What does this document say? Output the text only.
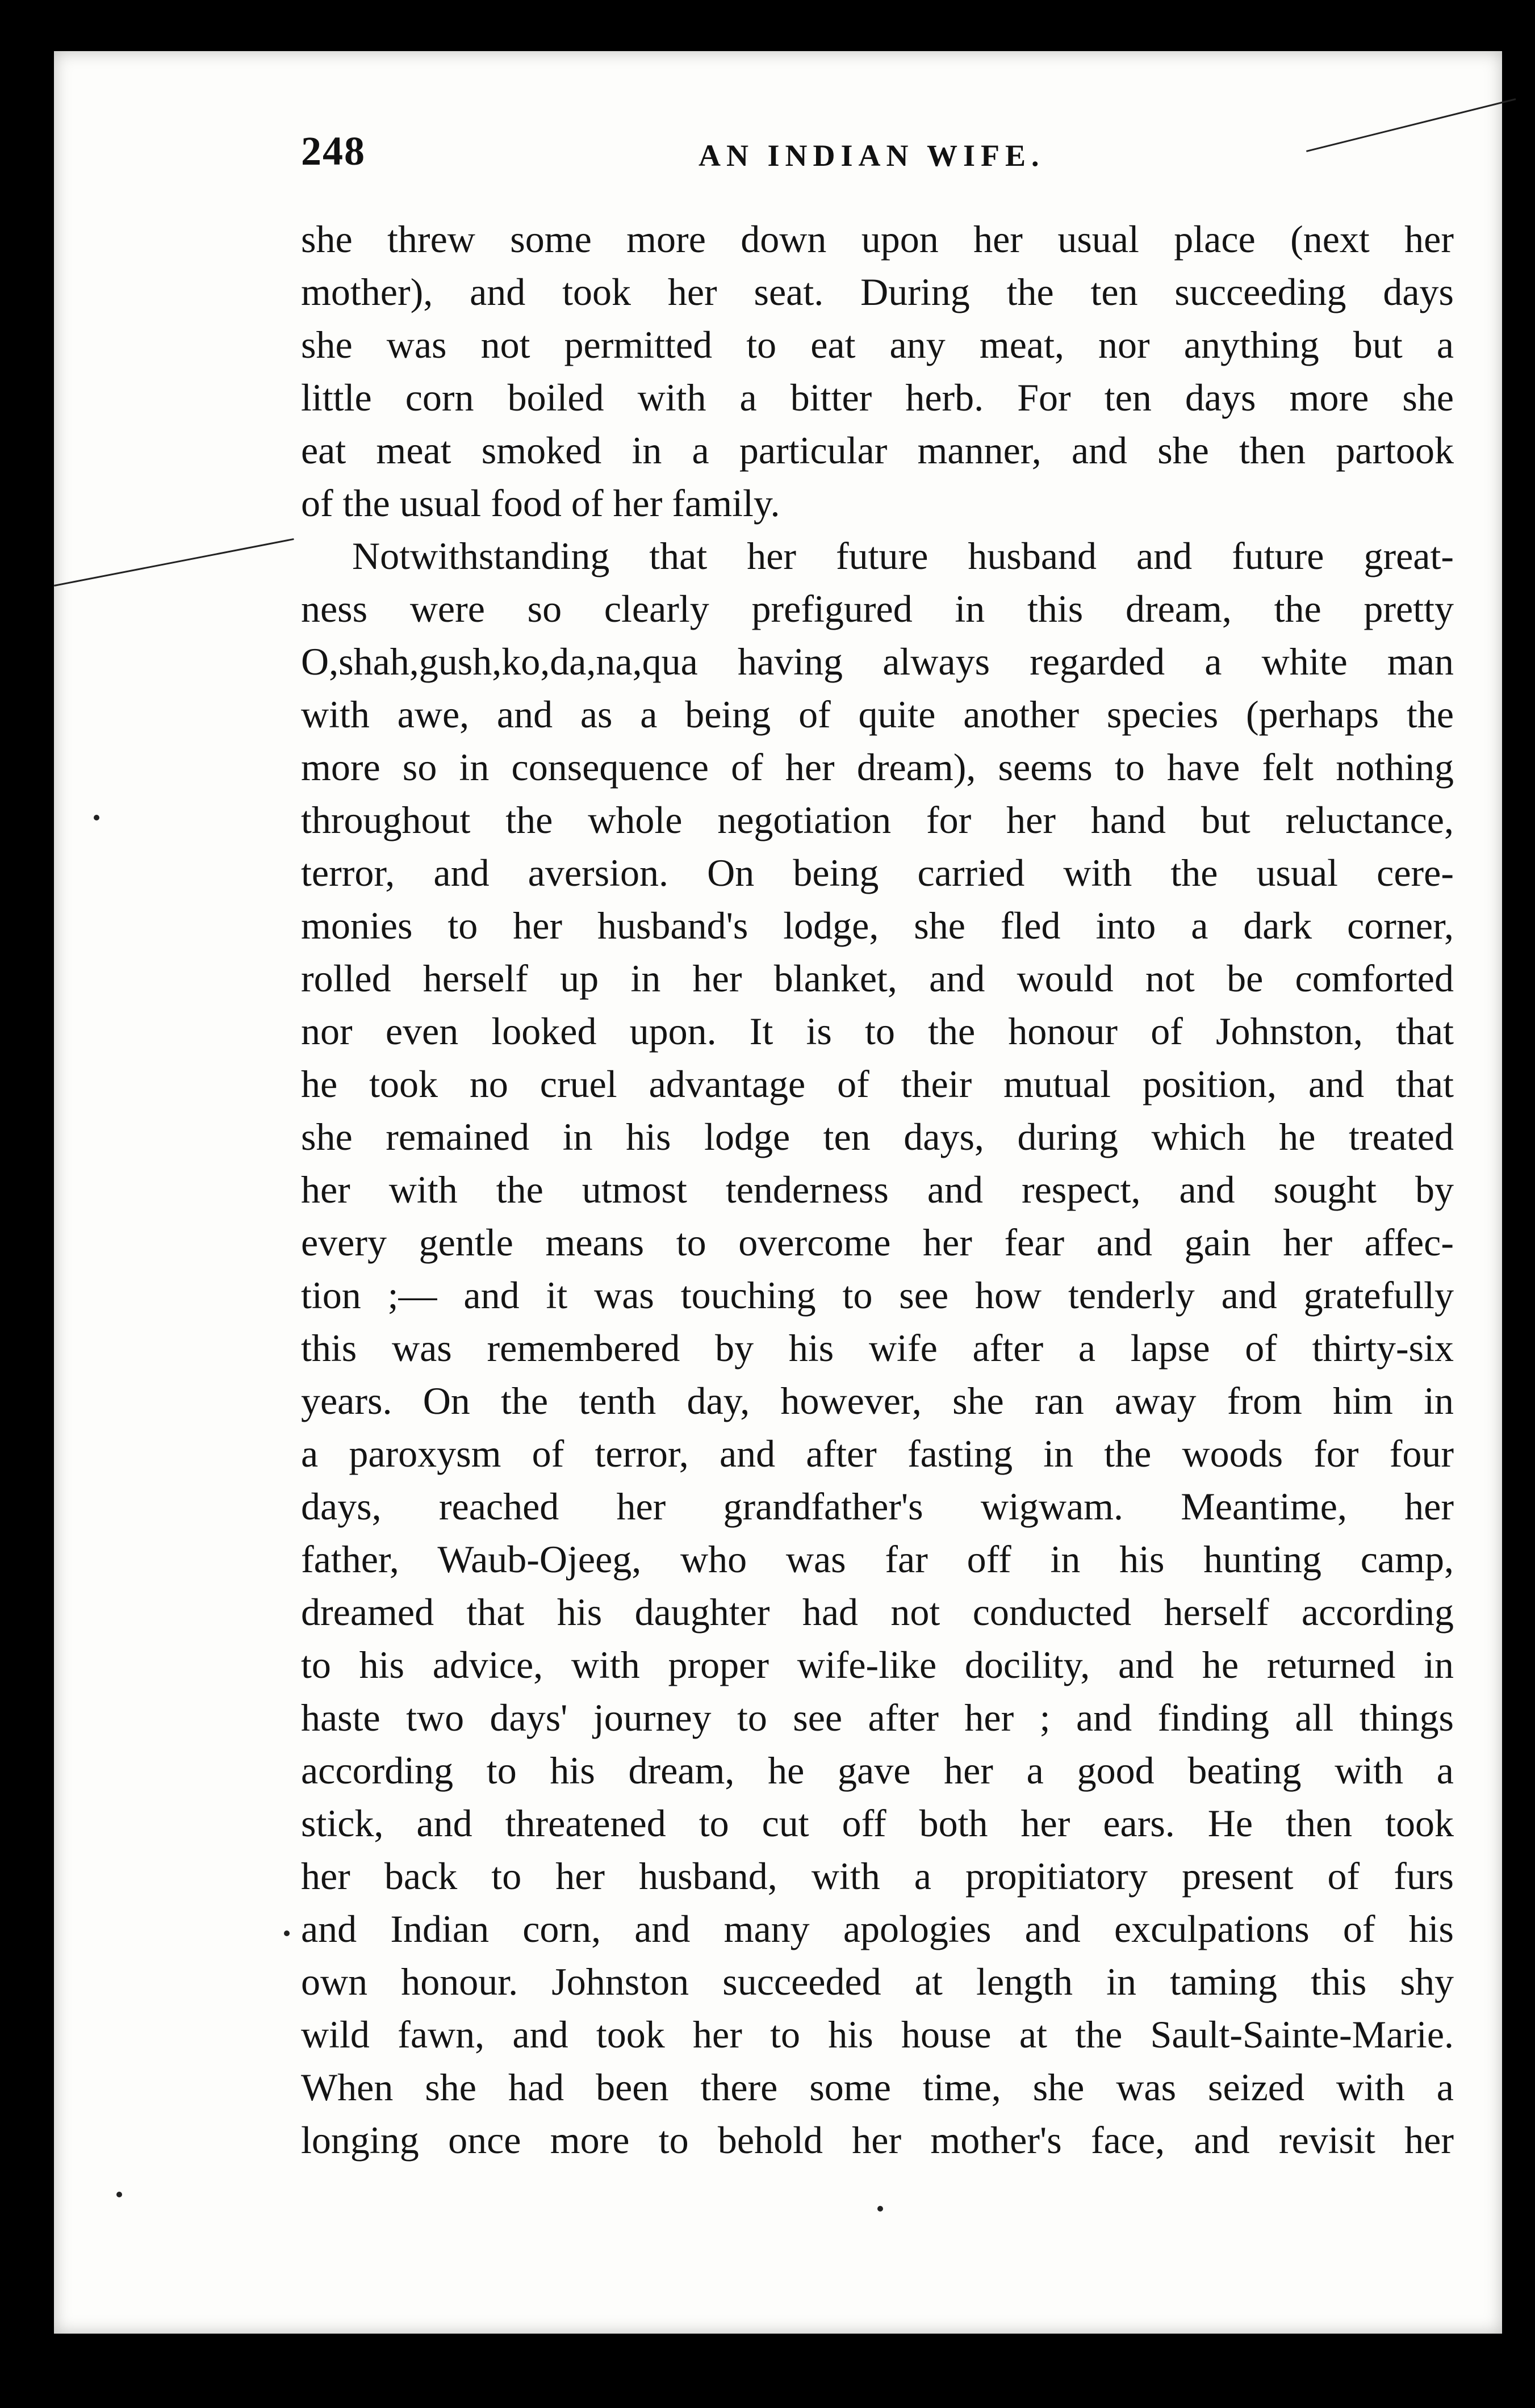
248	AN INDIAN WIFE.
she threw some more down upon her usual place (next her
mother), and took her seat. During the ten succeeding days
she was not permitted to eat any meat, nor anything but a
little corn boiled with a bitter herb. For ten days more she
eat meat smoked in a particular manner, and she then partook
of the usual food of her family.
Notwithstanding that her future husband and future great-
ness were so clearly prefigured in this dream, the pretty
O,shah,gush,ko,da,na,qua having always regarded a white man
with awe, and as a being of quite another species (perhaps the
more so in consequence of her dream), seems to have felt nothing
throughout the whole negotiation for her hand but reluctance,
terror, and aversion. On being carried with the usual cere-
monies to her husband's lodge, she fled into a dark corner,
rolled herself up in her blanket, and would not be comforted
nor even looked upon. It is to the honour of Johnston, that
he took no cruel advantage of their mutual position, and that
she remained in his lodge ten days, during which he treated
her with the utmost tenderness and respect, and sought by
every gentle means to overcome her fear and gain her affec-
tion ;— and it was touching to see how tenderly and gratefully
this was remembered by his wife after a lapse of thirty-six
years. On the tenth day, however, she ran away from him in
a paroxysm of terror, and after fasting in the woods for four
days, reached her grandfather's wigwam. Meantime, her
father, Waub-Ojeeg, who was far off in his hunting camp,
dreamed that his daughter had not conducted herself according
to his advice, with proper wife-like docility, and he returned in
haste two days' journey to see after her ; and finding all things
according to his dream, he gave her a good beating with a
stick, and threatened to cut off both her ears. He then took
her back to her husband, with a propitiatory present of furs
and Indian corn, and many apologies and exculpations of his
own honour. Johnston succeeded at length in taming this shy
wild fawn, and took her to his house at the Sault-Sainte-Marie.
When she had been there some time, she was seized with a
longing once more to behold her mother's face, and revisit her
